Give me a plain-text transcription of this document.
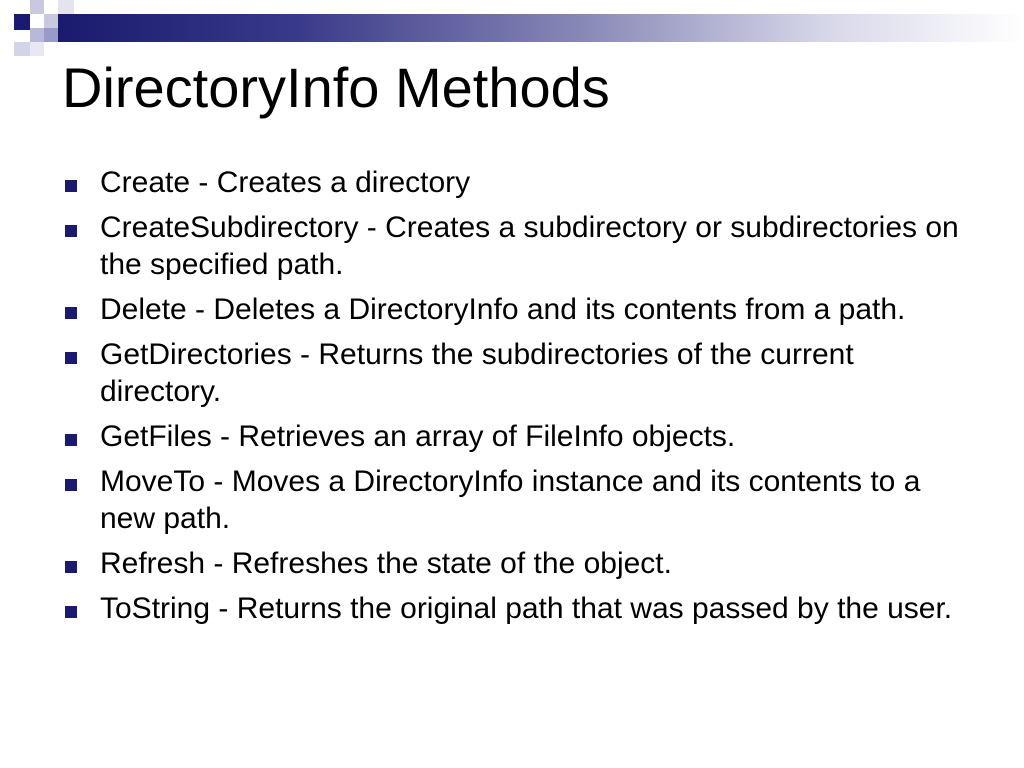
DirectoryInfo Methods
Create - Creates a directory
CreateSubdirectory - Creates a subdirectory or subdirectories on the specified path.
Delete - Deletes a DirectoryInfo and its contents from a path.
GetDirectories - Returns the subdirectories of the current directory.
GetFiles - Retrieves an array of FileInfo objects.
MoveTo - Moves a DirectoryInfo instance and its contents to a new path.
Refresh - Refreshes the state of the object.
ToString - Returns the original path that was passed by the user.
